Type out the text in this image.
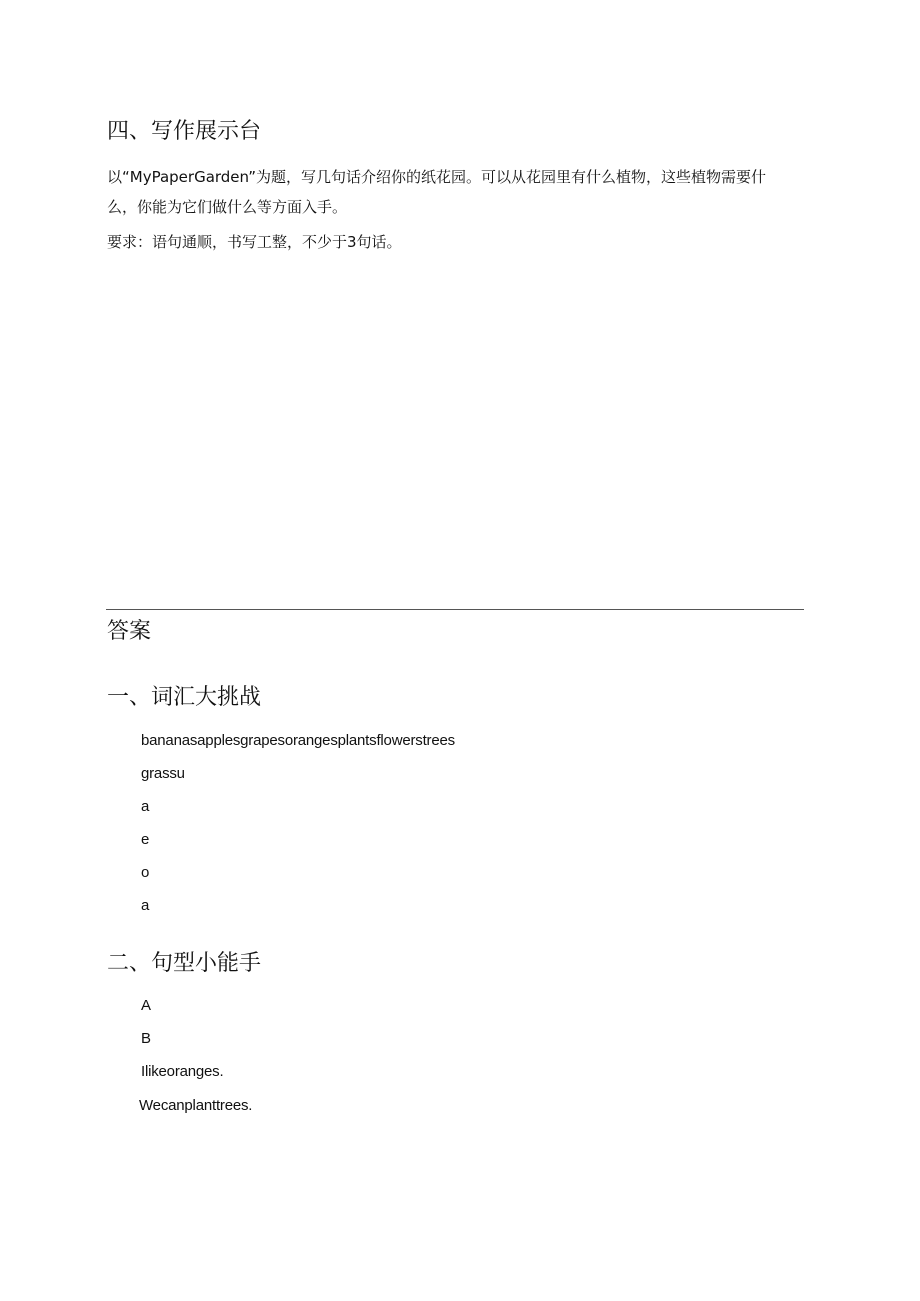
四、写作展示台
以“MyPaperGarden”为题，写几句话介绍你的纸花园。可以从花园里有什么植物，这些植物需要什
么，你能为它们做什么等方面入手。
要求：语句通顺，书写工整，不少于3句话。
答案
一、词汇大挑战
bananasapplesgrapesorangesplantsflowerstrees
grassu
a
e
o
a
二、句型小能手
A
B
Ilikeoranges.
Wecanplanttrees.
